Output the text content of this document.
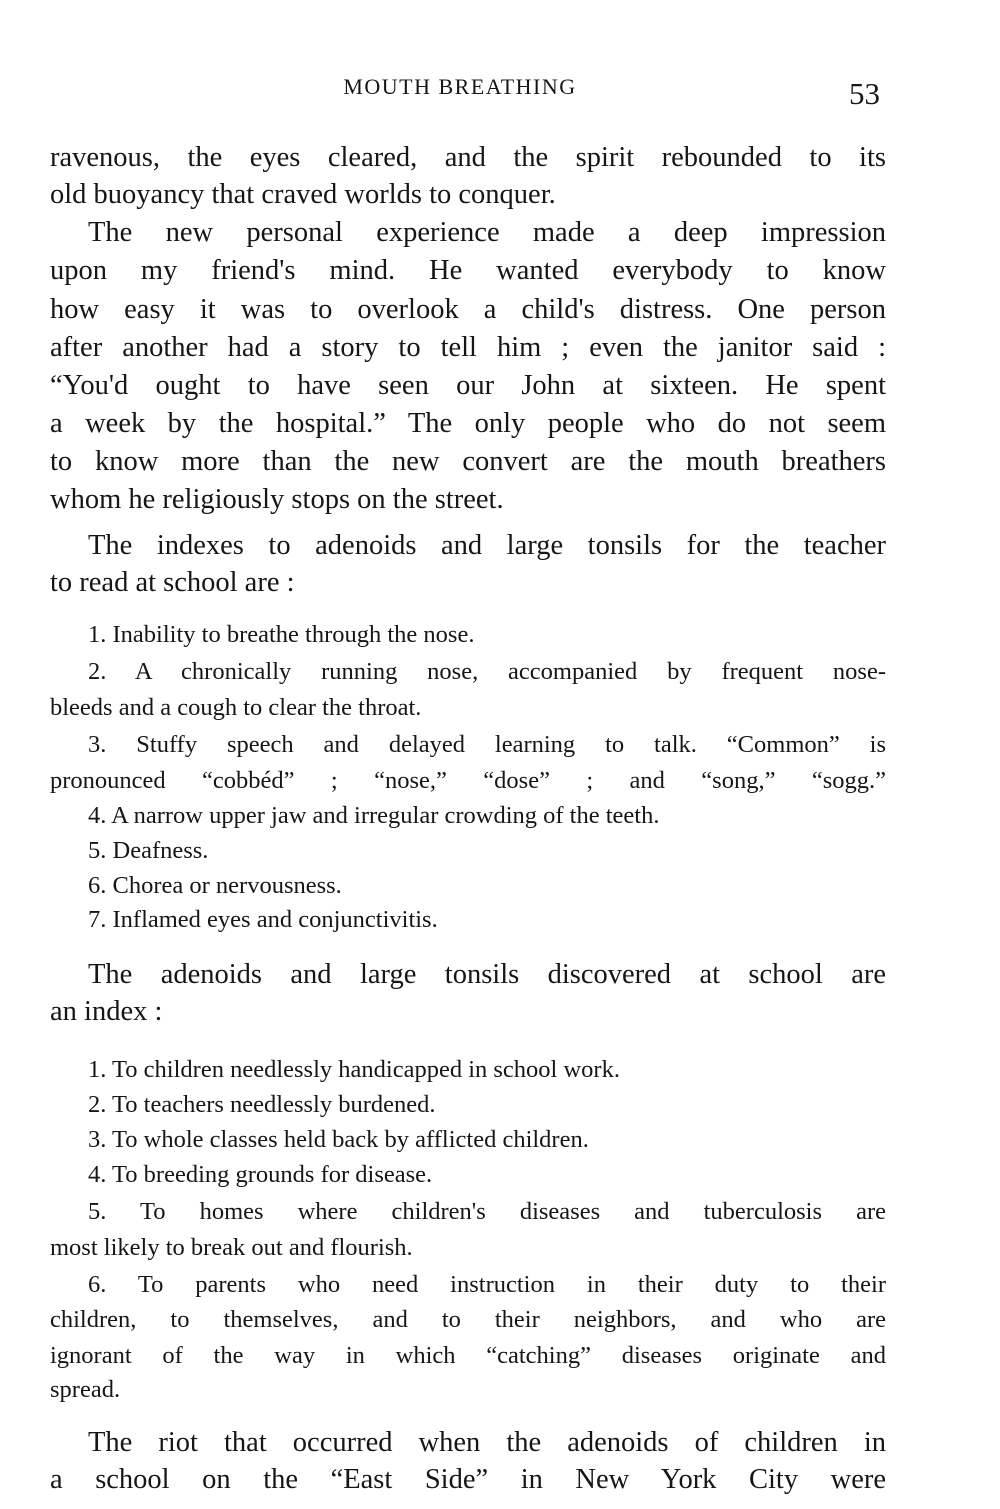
MOUTH BREATHING	53
ravenous, the eyes cleared, and the spirit rebounded to its
old buoyancy that craved worlds to conquer.
The new personal experience made a deep impression
upon my friend's mind. He wanted everybody to know
how easy it was to overlook a child's distress. One person
after another had a story to tell him ; even the janitor said :
“You'd ought to have seen our John at sixteen. He spent
a week by the hospital.” The only people who do not seem
to know more than the new convert are the mouth breathers
whom he religiously stops on the street.
The indexes to adenoids and large tonsils for the teacher
to read at school are :
1. Inability to breathe through the nose.
2. A chronically running nose, accompanied by frequent nose-
bleeds and a cough to clear the throat.
3. Stuffy speech and delayed learning to talk. “Common” is
pronounced “cobbéd” ; “nose,” “dose” ; and “song,” “sogg.”
4. A narrow upper jaw and irregular crowding of the teeth.
5. Deafness.
6. Chorea or nervousness.
7. Inflamed eyes and conjunctivitis.
The adenoids and large tonsils discovered at school are
an index :
1. To children needlessly handicapped in school work.
2. To teachers needlessly burdened.
3. To whole classes held back by afflicted children.
4. To breeding grounds for disease.
5. To homes where children's diseases and tuberculosis are
most likely to break out and flourish.
6. To parents who need instruction in their duty to their
children, to themselves, and to their neighbors, and who are
ignorant of the way in which “catching” diseases originate and
spread.
The riot that occurred when the adenoids of children in
a school on the “East Side” in New York City were
